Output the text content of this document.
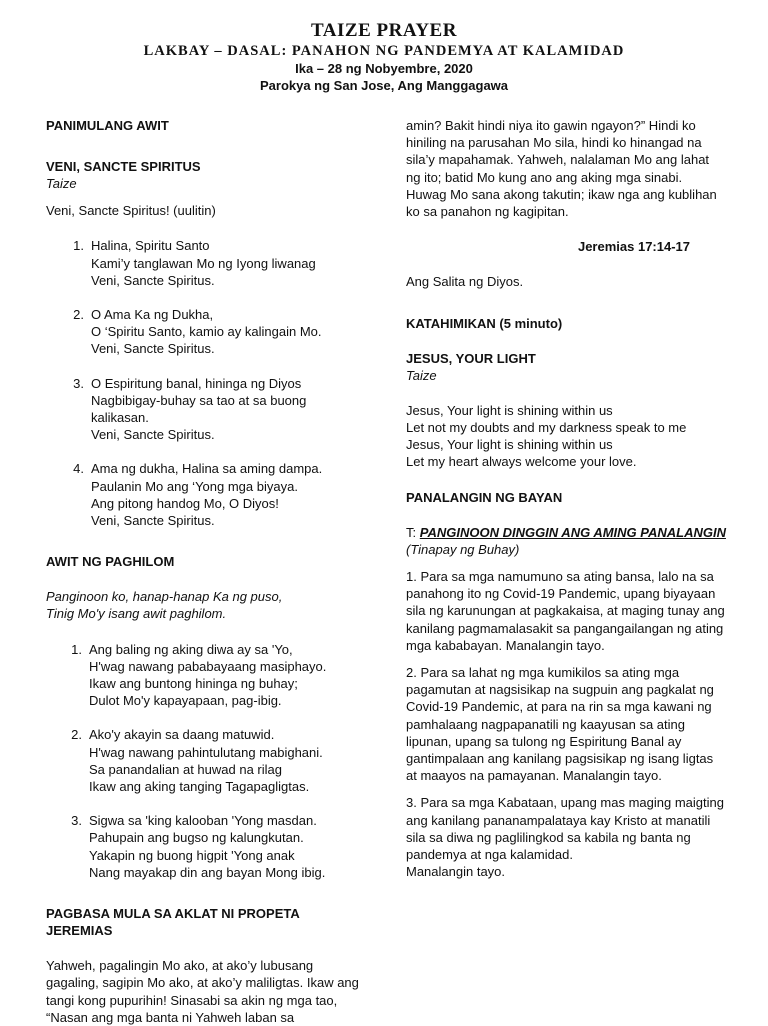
TAIZE PRAYER
LAKBAY – DASAL: PANAHON NG PANDEMYA AT KALAMIDAD
Ika – 28 ng Nobyembre, 2020
Parokya ng San Jose, Ang Manggagawa

PANIMULANG AWIT

VENI, SANCTE SPIRITUS

Taize

Veni, Sancte Spiritus! (uulitin)

1. Halina, Spiritu Santo

Kami’y tanglawan Mo ng Iyong liwanag

Veni, Sancte Spiritus.

2. O Ama Ka ng Dukha,

O ‘Spiritu Santo, kamio ay kalingain Mo.

Veni, Sancte Spiritus.

3. O Espiritung banal, hininga ng Diyos

Nagbibigay-buhay sa tao at sa buong kalikasan.

Veni, Sancte Spiritus.

4. Ama ng dukha, Halina sa aming dampa.

Paulanin Mo ang ‘Yong mga biyaya.

Ang pitong handog Mo, O Diyos!

Veni, Sancte Spiritus.

AWIT NG PAGHILOM

Panginoon ko, hanap-hanap Ka ng puso,

Tinig Mo'y isang awit paghilom.

1. Ang baling ng aking diwa ay sa 'Yo,

H'wag nawang pababayaang masiphayo.

Ikaw ang buntong hininga ng buhay;

Dulot Mo'y kapayapaan, pag-ibig.

2. Ako'y akayin sa daang matuwid.

H'wag nawang pahintulutang mabighani.

Sa panandalian at huwad na rilag

Ikaw ang aking tanging Tagapagligtas.

3. Sigwa sa 'king kalooban 'Yong masdan.

Pahupain ang bugso ng kalungkutan.

Yakapin ng buong higpit 'Yong anak

Nang mayakap din ang bayan Mong ibig.

PAGBASA MULA SA AKLAT NI PROPETA JEREMIAS

Yahweh, pagalingin Mo ako, at ako’y lubusang gagaling, sagipin Mo ako, at ako’y maliligtas. Ikaw ang tangi kong pupurihin! Sinasabi sa akin ng mga tao, “Nasan ang mga banta ni Yahweh laban sa

amin? Bakit hindi niya ito gawin ngayon?” Hindi ko hiniling na parusahan Mo sila, hindi ko hinangad na sila’y mapahamak. Yahweh, nalalaman Mo ang lahat ng ito; batid Mo kung ano ang aking mga sinabi. Huwag Mo sana akong takutin; ikaw nga ang kublihan ko sa panahon ng kagipitan.

Jeremias 17:14-17

Ang Salita ng Diyos.

KATAHIMIKAN (5 minuto)

JESUS, YOUR LIGHT

Taize

Jesus, Your light is shining within us

Let not my doubts and my darkness speak to me

Jesus, Your light is shining within us

Let my heart always welcome your love.

PANALANGIN NG BAYAN

T: PANGINOON DINGGIN ANG AMING PANALANGIN (Tinapay ng Buhay)

1. Para sa mga namumuno sa ating bansa, lalo na sa panahong ito ng Covid-19 Pandemic, upang biyayaan sila ng karunungan at pagkakaisa, at maging tunay ang kanilang pagmamalasakit sa pangangailangan ng ating mga kababayan. Manalangin tayo.

2. Para sa lahat ng mga kumikilos sa ating mga pagamutan at nagsisikap na sugpuin ang pagkalat ng Covid-19 Pandemic, at para na rin sa mga kawani ng pamhalaang nagpapanatili ng kaayusan sa ating lipunan, upang sa tulong ng Espiritung Banal ay gantimpalaan ang kanilang pagsisikap ng isang ligtas at maayos na pamayanan. Manalangin tayo.

3. Para sa mga Kabataan, upang mas maging maigting ang kanilang pananampalataya kay Kristo at manatili sila sa diwa ng paglilingkod sa kabila ng banta ng pandemya at nga kalamidad.

Manalangin tayo.
